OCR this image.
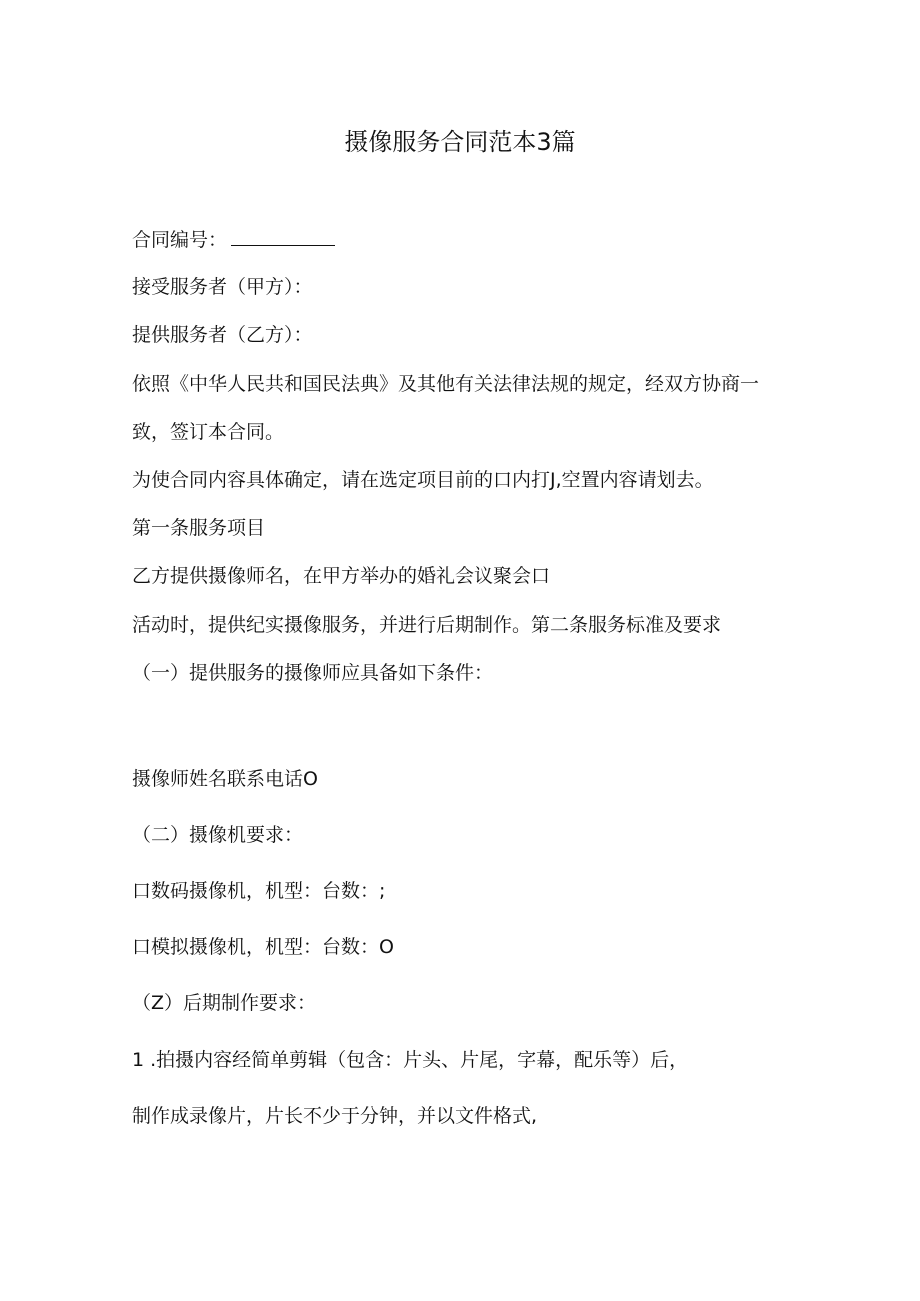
摄像服务合同范本3篇
合同编号：
接受服务者（甲方）：
提供服务者（乙方）：
依照《中华人民共和国民法典》及其他有关法律法规的规定，经双方协商一
致，签订本合同。
为使合同内容具体确定，请在选定项目前的口内打J,空置内容请划去。
第一条服务项目
乙方提供摄像师名，在甲方举办的婚礼会议聚会口
活动时，提供纪实摄像服务，并进行后期制作。第二条服务标准及要求
（一）提供服务的摄像师应具备如下条件：
摄像师姓名联系电话O
（二）摄像机要求：
口数码摄像机，机型：台数：;
口模拟摄像机，机型：台数：O
（Z）后期制作要求：
1 .拍摄内容经简单剪辑（包含：片头、片尾，字幕，配乐等）后，
制作成录像片，片长不少于分钟，并以文件格式,
